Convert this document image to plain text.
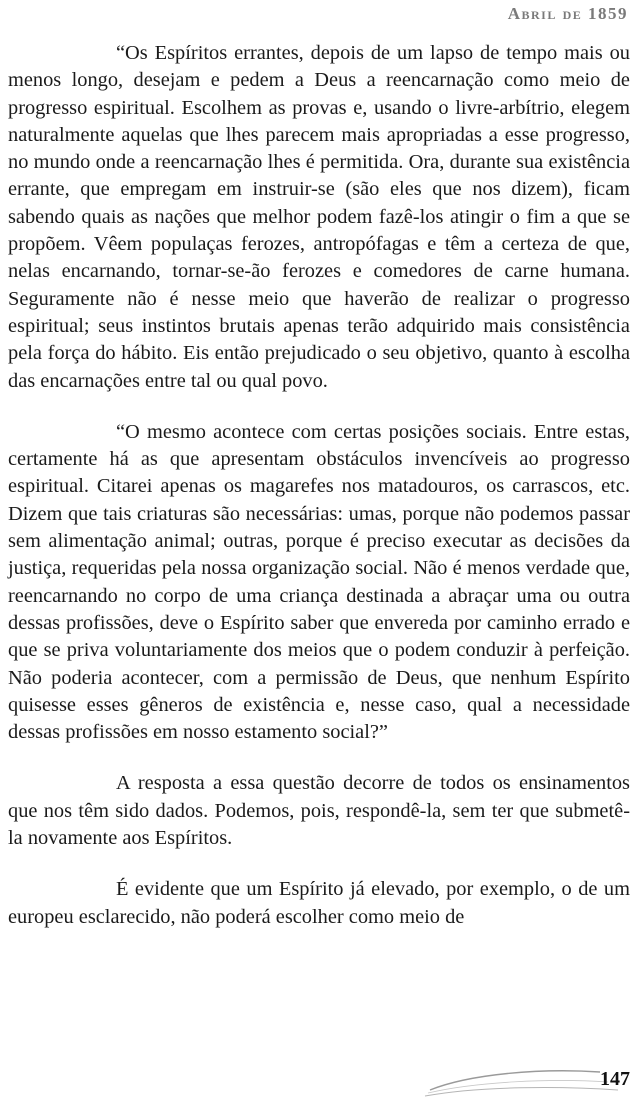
Abril de 1859

“Os Espíritos errantes, depois de um lapso de tempo mais ou menos longo, desejam e pedem a Deus a reencarnação como meio de progresso espiritual. Escolhem as provas e, usando o livre-arbítrio, elegem naturalmente aquelas que lhes parecem mais apropriadas a esse progresso, no mundo onde a reencarnação lhes é permitida. Ora, durante sua existência errante, que empregam em instruir-se (são eles que nos dizem), ficam sabendo quais as nações que melhor podem fazê-los atingir o fim a que se propõem. Vêem populaças ferozes, antropófagas e têm a certeza de que, nelas encarnando, tornar-se-ão ferozes e comedores de carne humana. Seguramente não é nesse meio que haverão de realizar o progresso espiritual; seus instintos brutais apenas terão adquirido mais consistência pela força do hábito. Eis então prejudicado o seu objetivo, quanto à escolha das encarnações entre tal ou qual povo.

“O mesmo acontece com certas posições sociais. Entre estas, certamente há as que apresentam obstáculos invencíveis ao progresso espiritual. Citarei apenas os magarefes nos matadouros, os carrascos, etc. Dizem que tais criaturas são necessárias: umas, porque não podemos passar sem alimentação animal; outras, porque é preciso executar as decisões da justiça, requeridas pela nossa organização social. Não é menos verdade que, reencarnando no corpo de uma criança destinada a abraçar uma ou outra dessas profissões, deve o Espírito saber que envereda por caminho errado e que se priva voluntariamente dos meios que o podem conduzir à perfeição. Não poderia acontecer, com a permissão de Deus, que nenhum Espírito quisesse esses gêneros de existência e, nesse caso, qual a necessidade dessas profissões em nosso estamento social?”

A resposta a essa questão decorre de todos os ensinamentos que nos têm sido dados. Podemos, pois, respondê-la, sem ter que submetê-la novamente aos Espíritos.

É evidente que um Espírito já elevado, por exemplo, o de um europeu esclarecido, não poderá escolher como meio de

147
